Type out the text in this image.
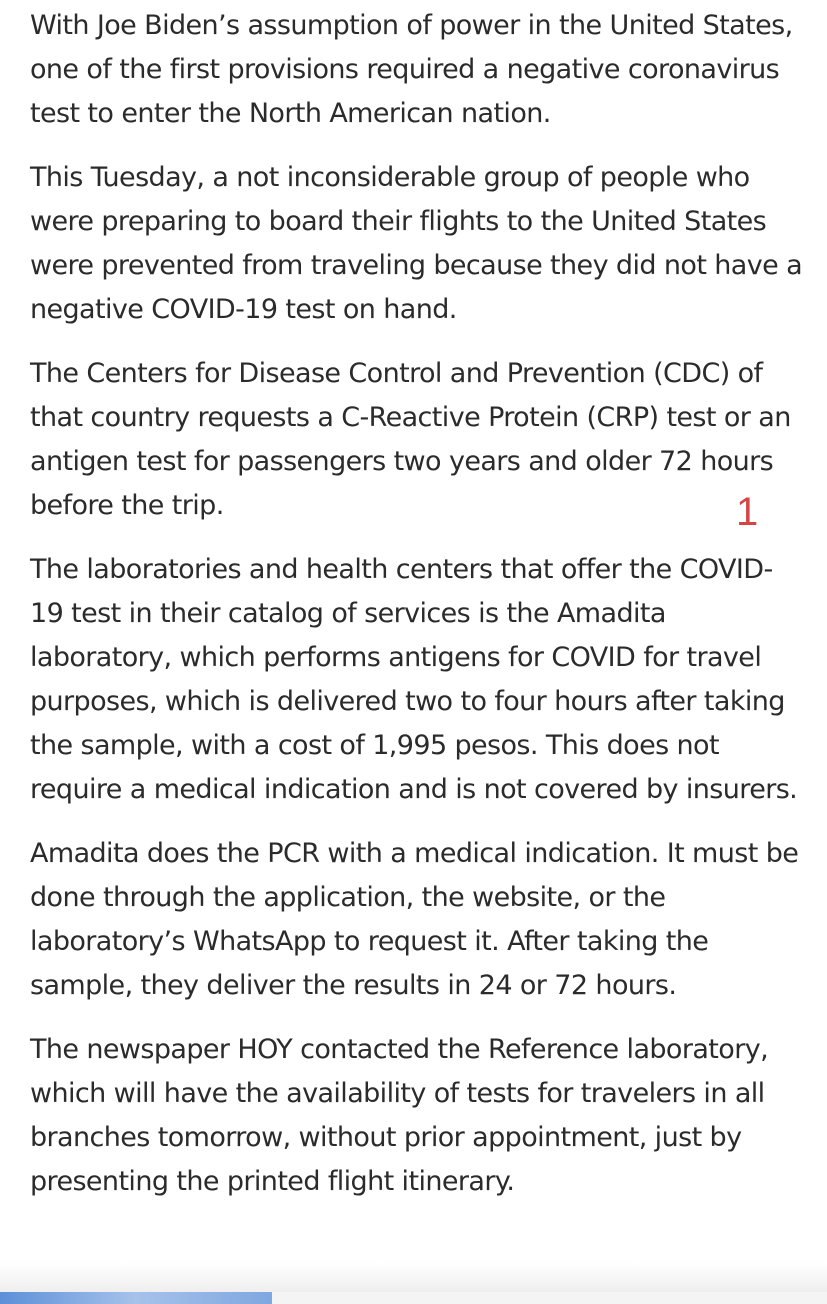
With Joe Biden’s assumption of power in the United States, one of the first provisions required a negative coronavirus test to enter the North American nation.

This Tuesday, a not inconsiderable group of people who were preparing to board their flights to the United States were prevented from traveling because they did not have a negative COVID-19 test on hand.

The Centers for Disease Control and Prevention (CDC) of that country requests a C-Reactive Protein (CRP) test or an antigen test for passengers two years and older 72 hours before the trip.

The laboratories and health centers that offer the COVID-19 test in their catalog of services is the Amadita laboratory, which performs antigens for COVID for travel purposes, which is delivered two to four hours after taking the sample, with a cost of 1,995 pesos. This does not require a medical indication and is not covered by insurers.

Amadita does the PCR with a medical indication. It must be done through the application, the website, or the laboratory’s WhatsApp to request it. After taking the sample, they deliver the results in 24 or 72 hours.

The newspaper HOY contacted the Reference laboratory, which will have the availability of tests for travelers in all branches tomorrow, without prior appointment, just by presenting the printed flight itinerary.

1
